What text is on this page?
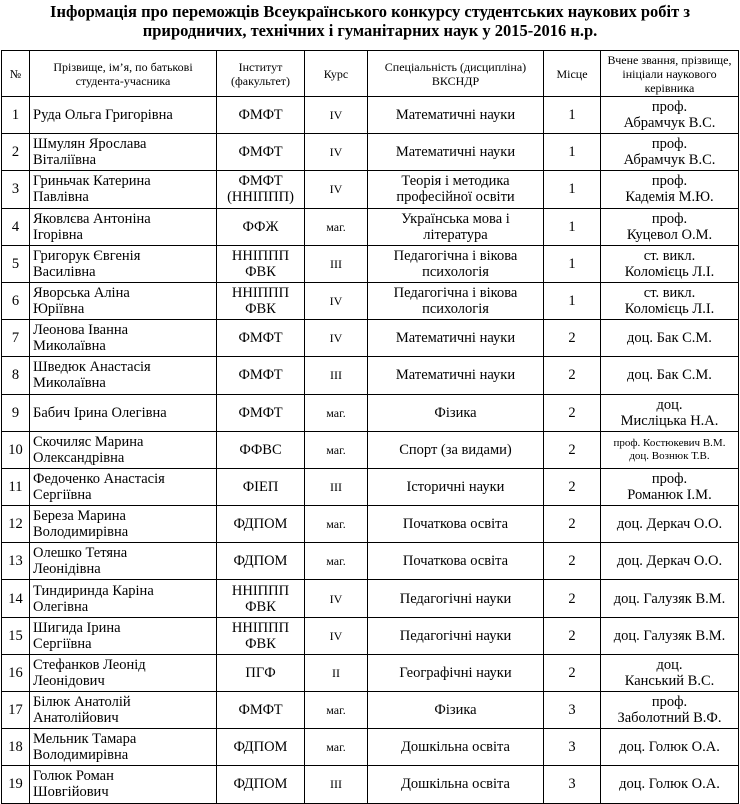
Інформація про переможців Всеукраїнського конкурсу студентських наукових робіт з
природничих, технічних і гуманітарних наук у 2015-2016 н.р.
№	Прізвище, ім’я, по батькові студента-учасника	Інститут (факультет)	Курс	Спеціальність (дисципліна) ВКСНДР	Місце	Вчене звання, прізвище, ініціали наукового керівника

1	Руда Ольга Григорівна	ФМФТ	IV	Математичні науки	1	проф.
Абрамчук В.С.

2	Шмулян Ярослава
Віталіївна	ФМФТ	IV	Математичні науки	1	проф.
Абрамчук В.С.

3	Гриньчак Катерина
Павлівна	ФМФТ
(ННІППП)	IV	Теорія і методика
професійної освіти	1	проф.
Кадемія М.Ю.

4	Яковлєва Антоніна
Ігорівна	ФФЖ	маг.	Українська мова і
література	1	проф.
Куцевол О.М.

5	Григорук Євгенія
Василівна	ННІППП
ФВК	III	Педагогічна і вікова
психологія	1	ст. викл.
Коломієць Л.І.

6	Яворська Аліна
Юріївна	ННІППП
ФВК	IV	Педагогічна і вікова
психологія	1	ст. викл.
Коломієць Л.І.

7	Леонова Іванна
Миколаївна	ФМФТ	IV	Математичні науки	2	доц. Бак С.М.

8	Шведюк Анастасія
Миколаївна	ФМФТ	III	Математичні науки	2	доц. Бак С.М.

9	Бабич Ірина Олегівна	ФМФТ	маг.	Фізика	2	доц.
Мислiцька Н.А.

10	Скочиляс Марина
Олександрівна	ФФВС	маг.	Спорт (за видами)	2	проф. Костюкевич В.М.
доц. Вознюк Т.В.

11	Федоченко Анастасія
Сергіївна	ФІЕП	III	Історичні науки	2	проф.
Романюк І.М.

12	Береза Марина
Володимирівна	ФДПОМ	маг.	Початкова освіта	2	доц. Деркач О.О.

13	Олешко Тетяна
Леонідівна	ФДПОМ	маг.	Початкова освіта	2	доц. Деркач О.О.

14	Тиндиринда Каріна
Олегівна	ННІППП
ФВК	IV	Педагогічні науки	2	доц. Галузяк В.М.

15	Шигида Ірина
Сергіївна	ННІППП
ФВК	IV	Педагогічні науки	2	доц. Галузяк В.М.

16	Стефанков Леонід
Леонідович	ПГФ	II	Географічні науки	2	доц.
Канський В.С.

17	Білюк Анатолій
Анатолійович	ФМФТ	маг.	Фізика	3	проф.
Заболотний В.Ф.

18	Мельник Тамара
Володимирівна	ФДПОМ	маг.	Дошкільна освіта	3	доц. Голюк О.А.

19	Голюк Роман
Шовгійович	ФДПОМ	III	Дошкільна освіта	3	доц. Голюк О.А.
